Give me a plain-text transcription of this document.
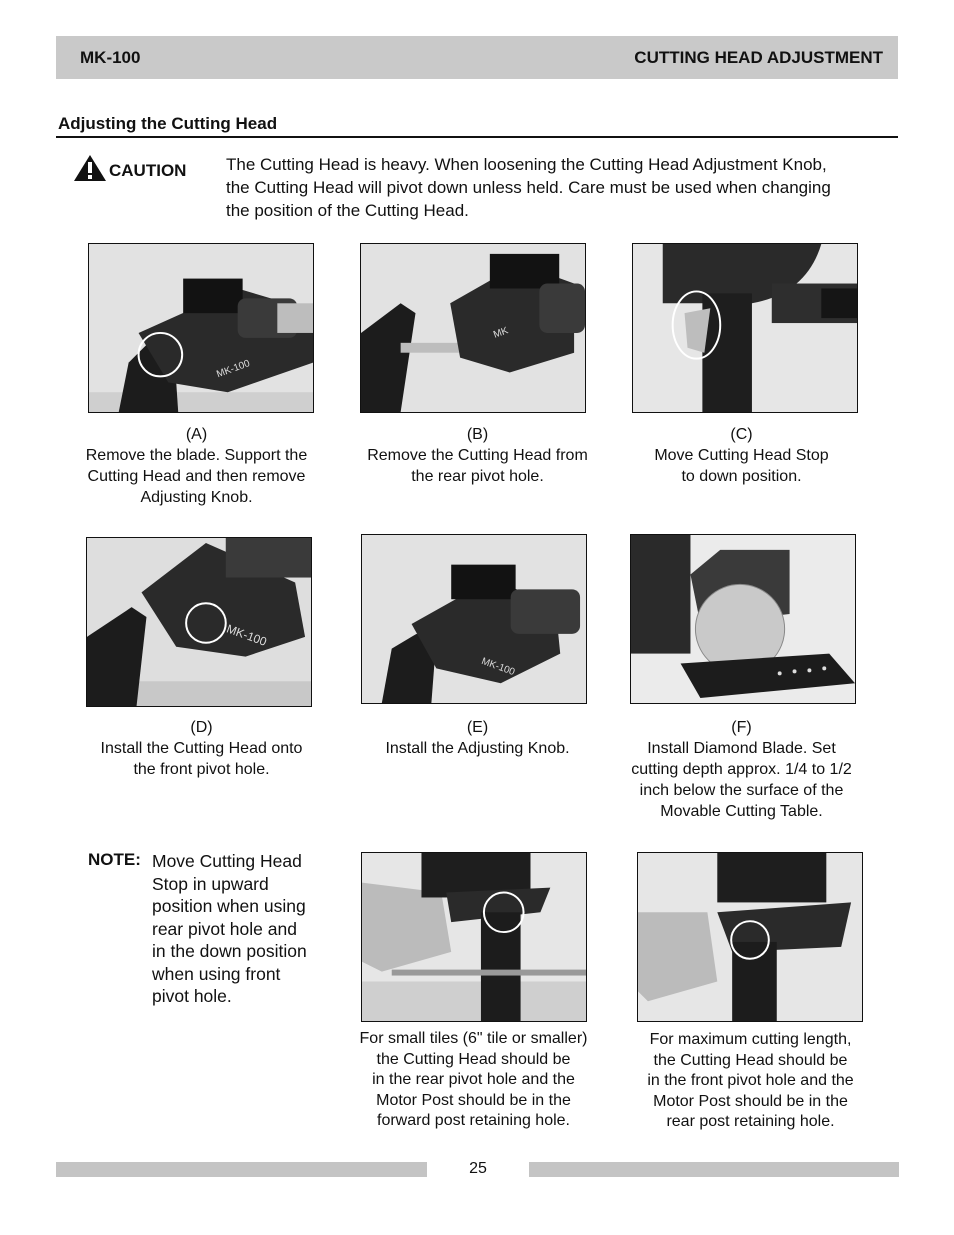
MK-100	CUTTING HEAD ADJUSTMENT
Adjusting the Cutting Head
CAUTION The Cutting Head is heavy. When loosening the Cutting Head Adjustment Knob,
the Cutting Head will pivot down unless held. Care must be used when changing
the position of the Cutting Head.
MK-100
MK
(A)
Remove the blade. Support the
Cutting Head and then remove
Adjusting Knob.
(B)
Remove the Cutting Head from
the rear pivot hole.
(C)
Move Cutting Head Stop
to down position.
MK-100
MK-100
(D)
Install the Cutting Head onto
the front pivot hole.
(E)
Install the Adjusting Knob.
(F)
Install Diamond Blade. Set
cutting depth approx. 1/4 to 1/2
inch below the surface of the
Movable Cutting Table.
NOTE: Move Cutting Head
Stop in upward
position when using
rear pivot hole and
in the down position
when using front
pivot hole.
For small tiles (6" tile or smaller)
the Cutting Head should be
in the rear pivot hole and the
Motor Post should be in the
forward post retaining hole.
For maximum cutting length,
the Cutting Head should be
in the front pivot hole and the
Motor Post should be in the
rear post retaining hole.
25
